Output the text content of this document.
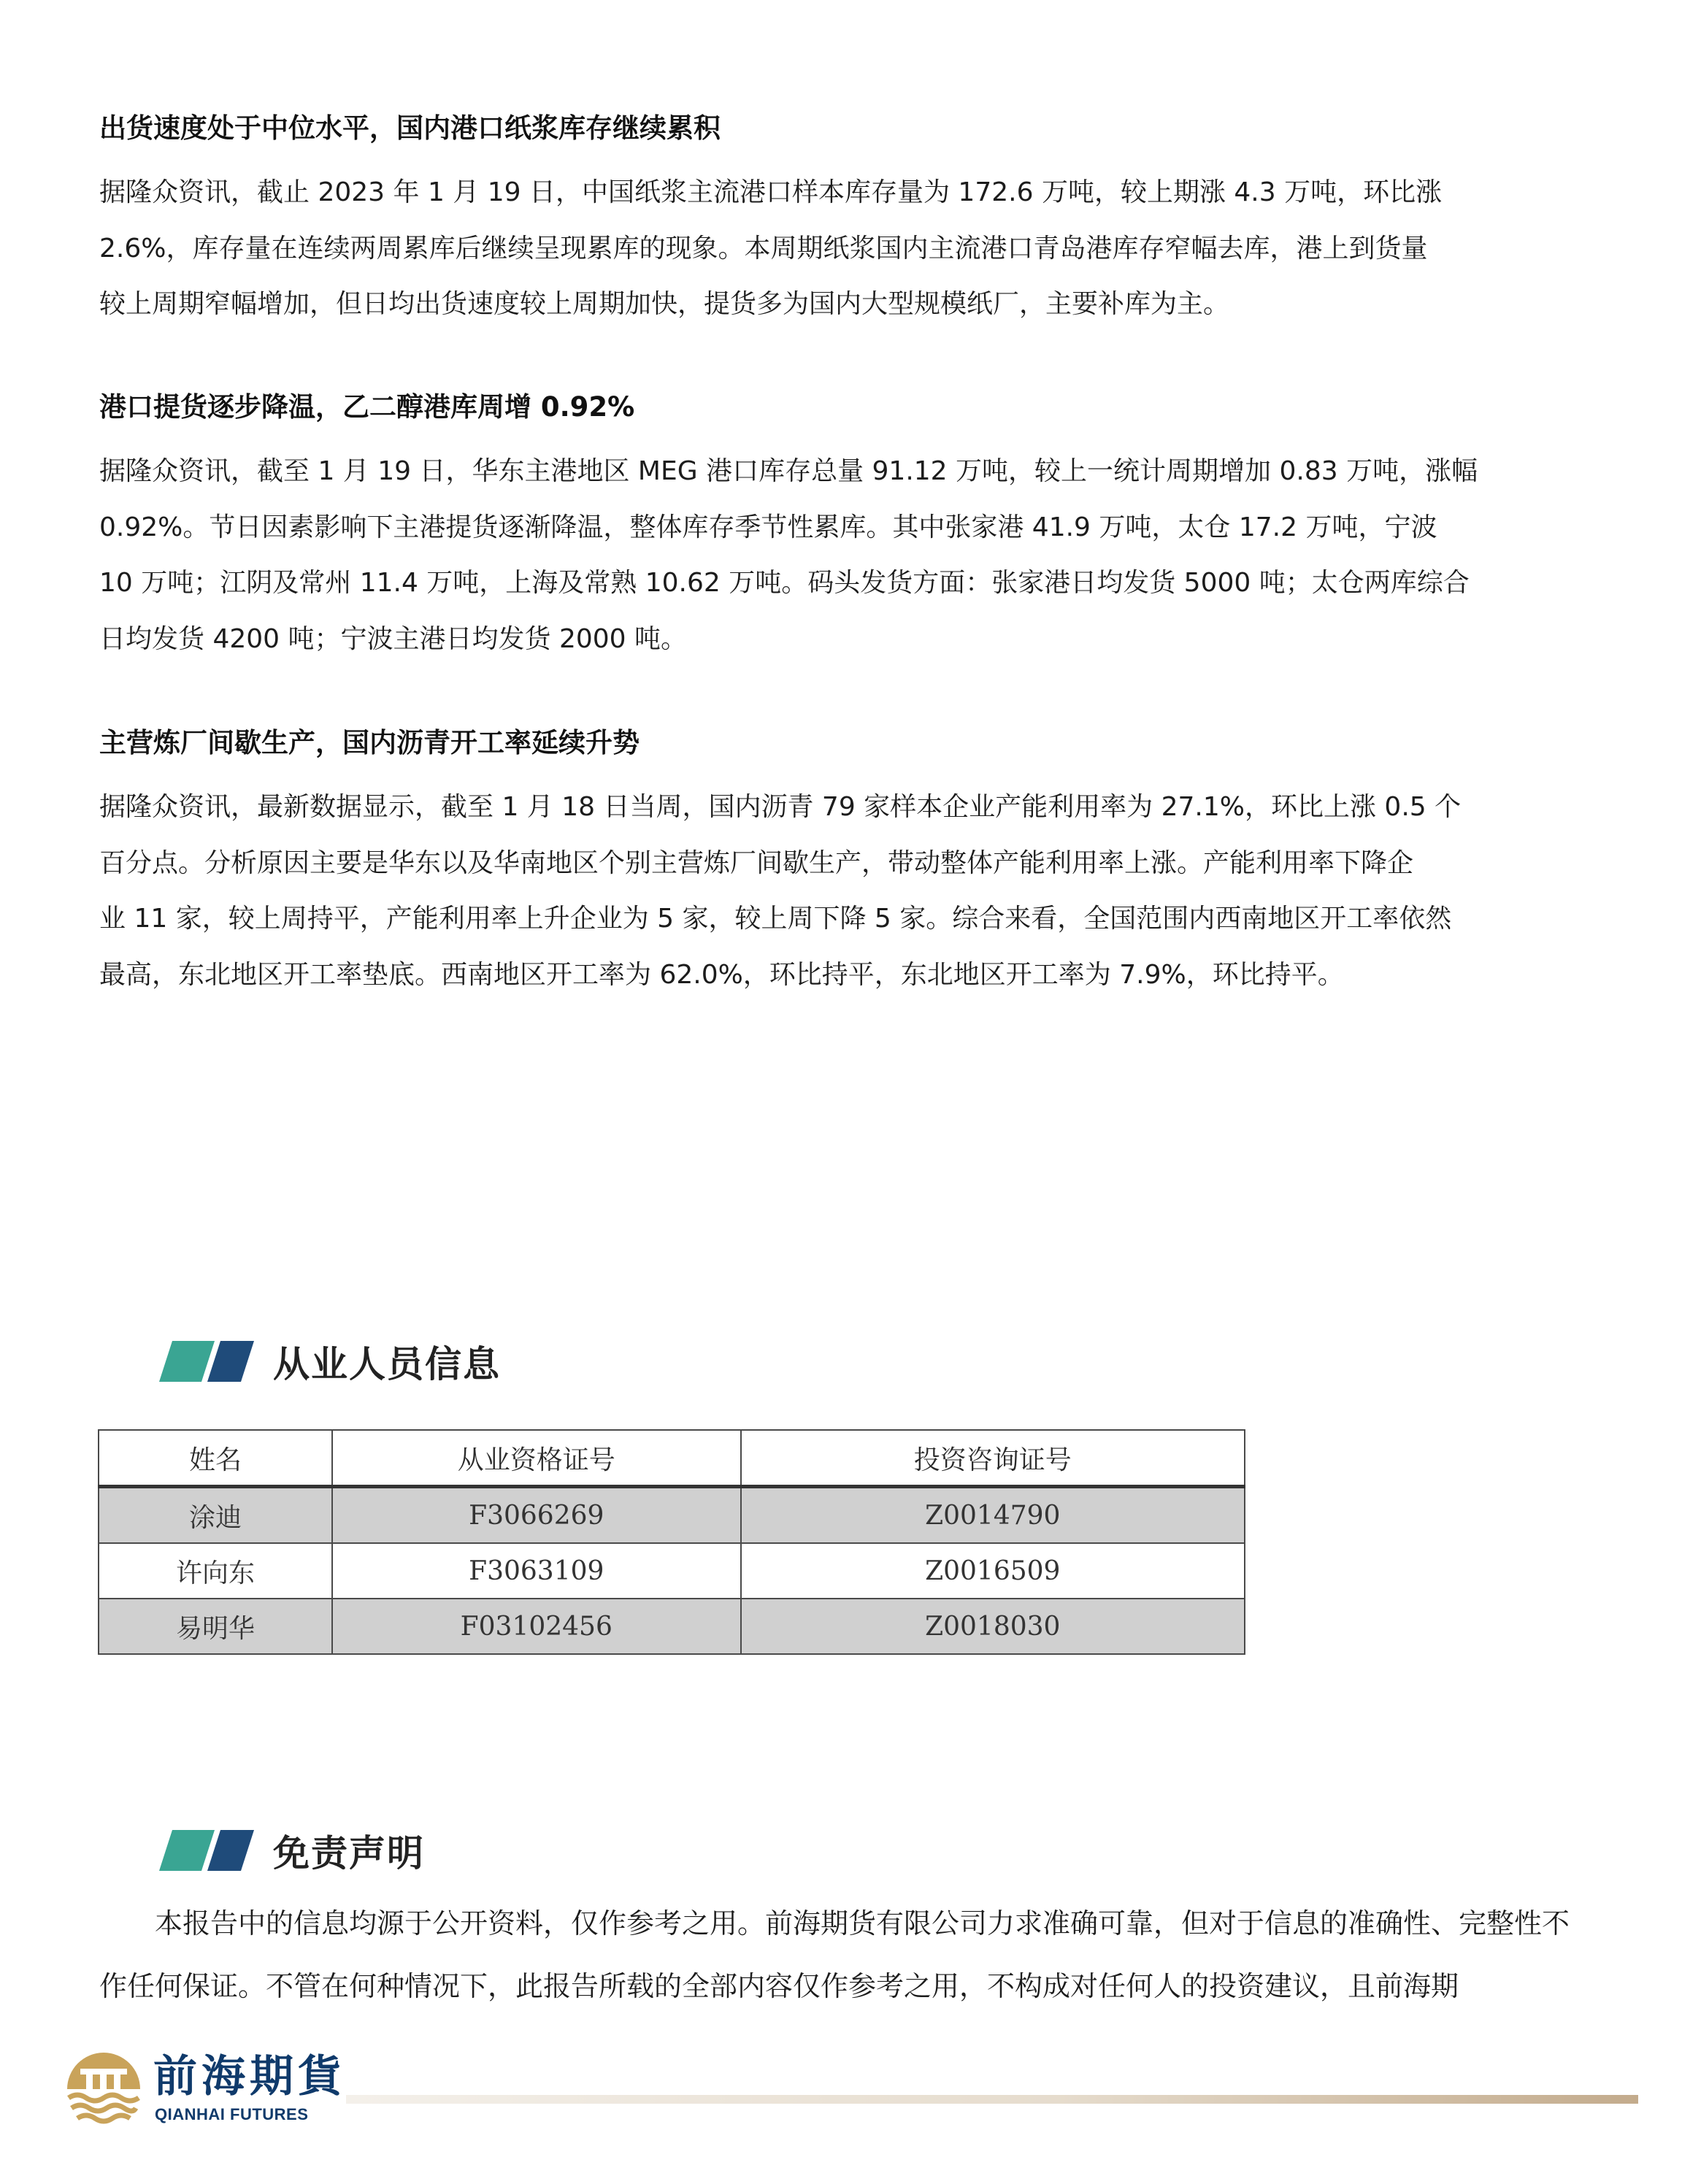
出货速度处于中位水平，国内港口纸浆库存继续累积

据隆众资讯，截止 2023 年 1 月 19 日，中国纸浆主流港口样本库存量为 172.6 万吨，较上期涨 4.3 万吨，环比涨
2.6%，库存量在连续两周累库后继续呈现累库的现象。本周期纸浆国内主流港口青岛港库存窄幅去库，港上到货量
较上周期窄幅增加，但日均出货速度较上周期加快，提货多为国内大型规模纸厂，主要补库为主。

港口提货逐步降温，乙二醇港库周增 0.92%

据隆众资讯，截至 1 月 19 日，华东主港地区 MEG 港口库存总量 91.12 万吨，较上一统计周期增加 0.83 万吨，涨幅
0.92%。节日因素影响下主港提货逐渐降温，整体库存季节性累库。其中张家港 41.9 万吨，太仓 17.2 万吨，宁波
10 万吨；江阴及常州 11.4 万吨，上海及常熟 10.62 万吨。码头发货方面：张家港日均发货 5000 吨；太仓两库综合
日均发货 4200 吨；宁波主港日均发货 2000 吨。

主营炼厂间歇生产，国内沥青开工率延续升势

据隆众资讯，最新数据显示，截至 1 月 18 日当周，国内沥青 79 家样本企业产能利用率为 27.1%，环比上涨 0.5 个
百分点。分析原因主要是华东以及华南地区个别主营炼厂间歇生产，带动整体产能利用率上涨。产能利用率下降企
业 11 家，较上周持平，产能利用率上升企业为 5 家，较上周下降 5 家。综合来看，全国范围内西南地区开工率依然
最高，东北地区开工率垫底。西南地区开工率为 62.0%，环比持平，东北地区开工率为 7.9%，环比持平。

从业人员信息
姓名	从业资格证号	投资咨询证号
涂迪	F3066269	Z0014790
许向东	F3063109	Z0016509
易明华	F03102456	Z0018030
免责声明

本报告中的信息均源于公开资料，仅作参考之用。前海期货有限公司力求准确可靠，但对于信息的准确性、完整性不作任何保证。不管在何种情况下，此报告所载的全部内容仅作参考之用，不构成对任何人的投资建议，且前海期

前海期貨
QIANHAI FUTURES
